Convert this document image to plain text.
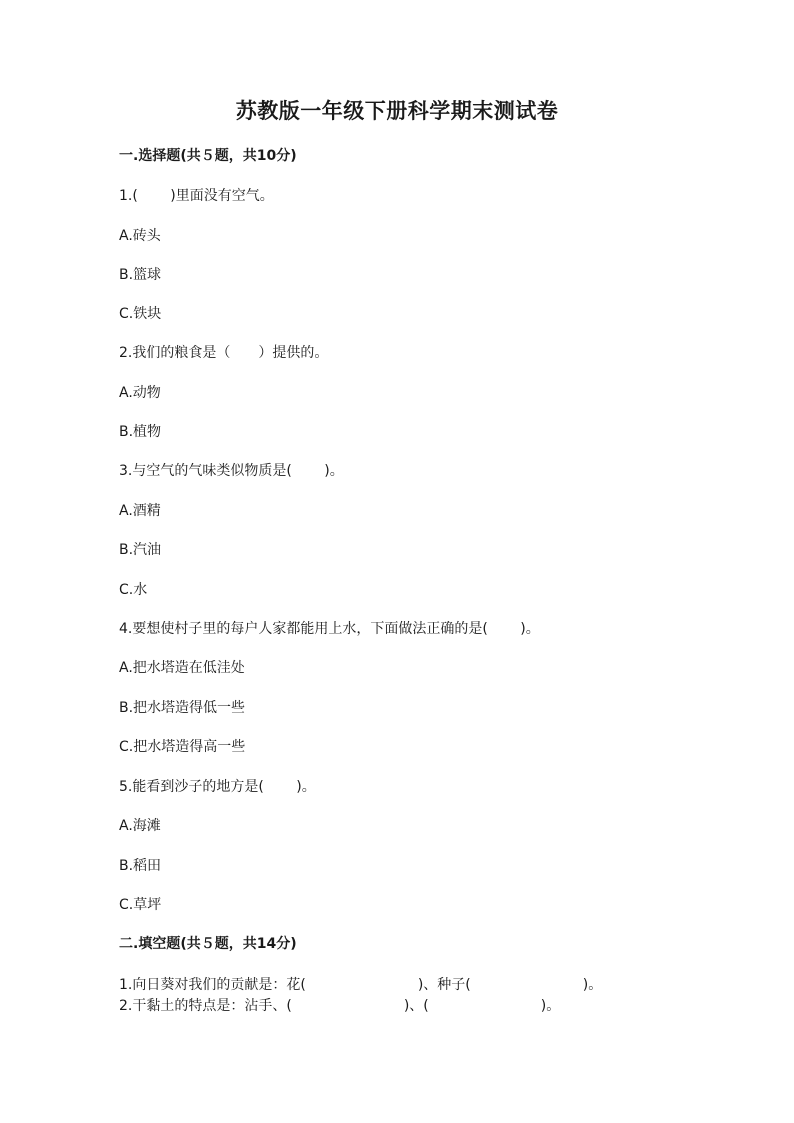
苏教版一年级下册科学期末测试卷
一.选择题(共５题，共10分)
1.(　　 )里面没有空气。
A.砖头
B.篮球
C.铁块
2.我们的粮食是（　　）提供的。
A.动物
B.植物
3.与空气的气味类似物质是(　　 )。
A.酒精
B.汽油
C.水
4.要想使村子里的每户人家都能用上水，下面做法正确的是(　　 )。
A.把水塔造在低洼处
B.把水塔造得低一些
C.把水塔造得高一些
5.能看到沙子的地方是(　　 )。
A.海滩
B.稻田
C.草坪
二.填空题(共５题，共14分)
1.向日葵对我们的贡献是：花(　　　　　　　　)、种子(　　　　　　　　)。
2.干黏土的特点是：沾手、(　　　　　　　　)、(　　　　　　　　)。
